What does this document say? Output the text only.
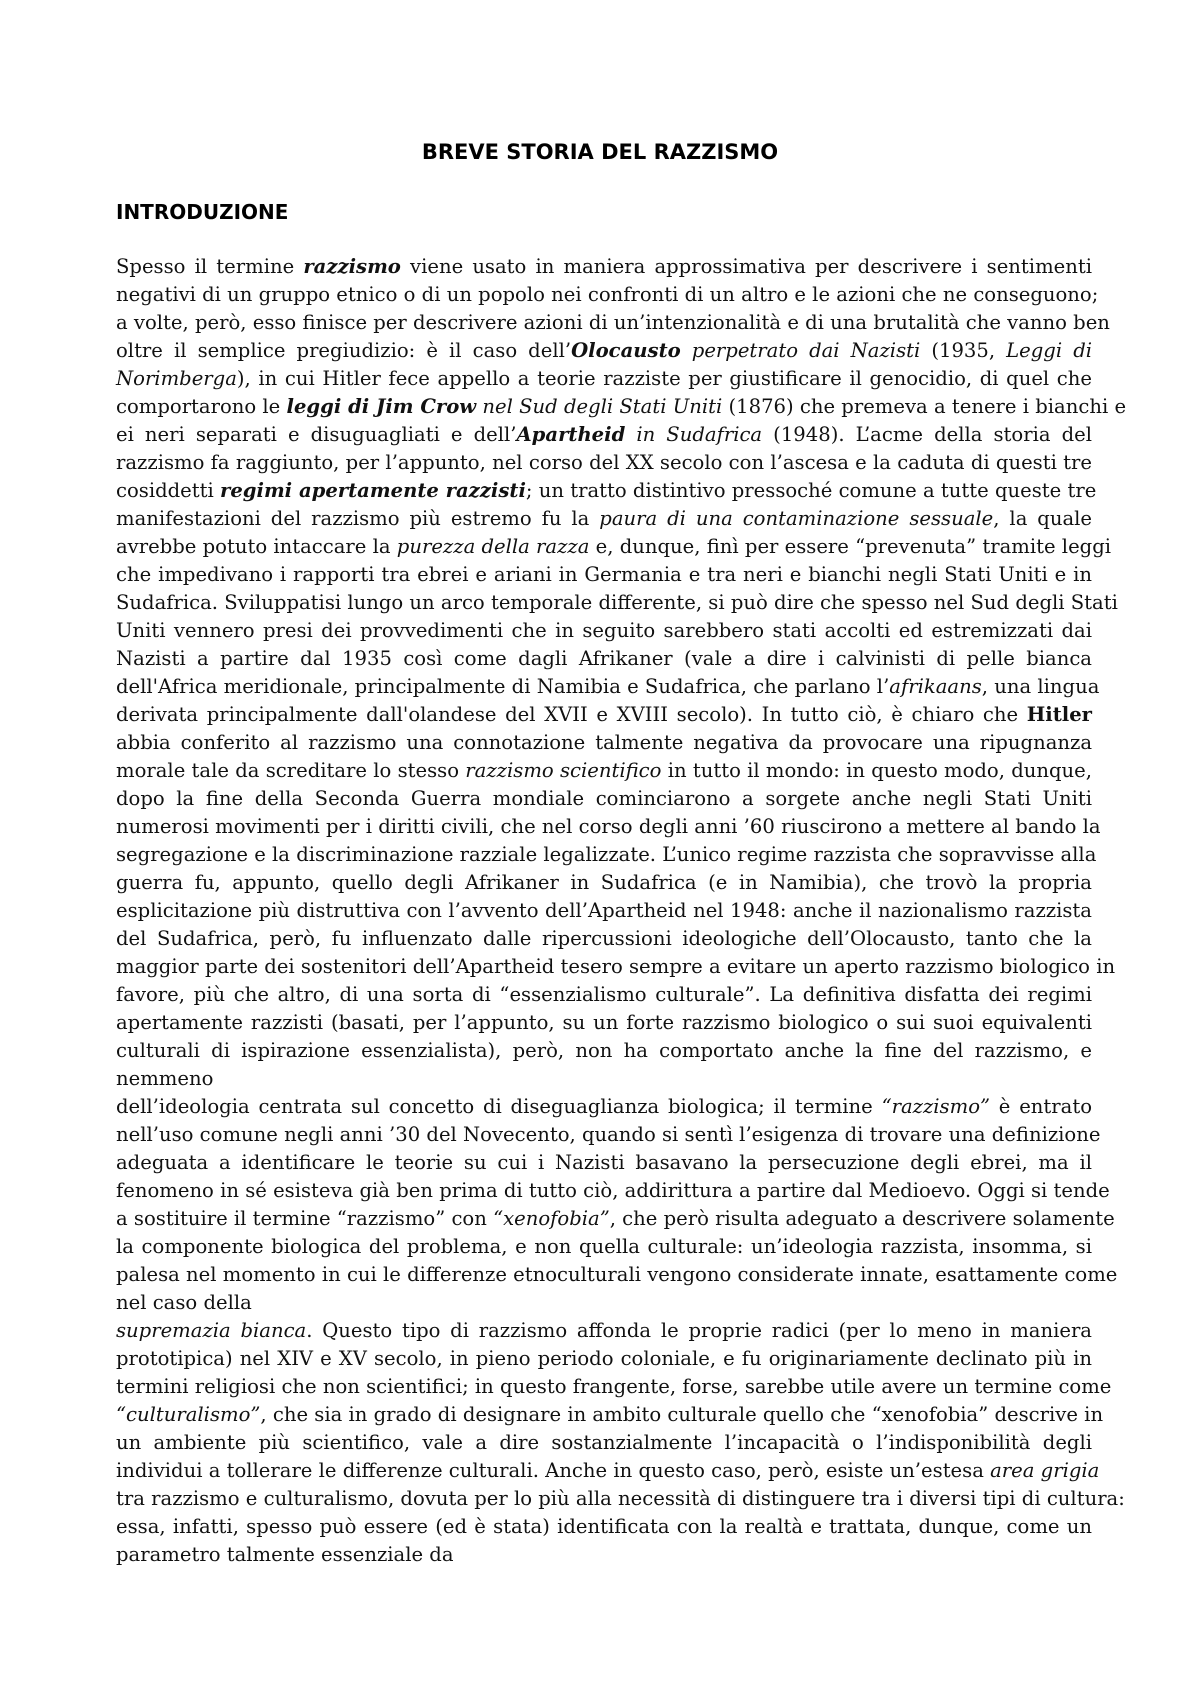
BREVE STORIA DEL RAZZISMO
INTRODUZIONE
Spesso il termine razzismo viene usato in maniera approssimativa per descrivere i sentimenti
negativi di un gruppo etnico o di un popolo nei confronti di un altro e le azioni che ne conseguono;
a volte, però, esso finisce per descrivere azioni di un’intenzionalità e di una brutalità che vanno ben
oltre il semplice pregiudizio: è il caso dell’Olocausto perpetrato dai Nazisti (1935, Leggi di
Norimberga), in cui Hitler fece appello a teorie razziste per giustificare il genocidio, di quel che
comportarono le leggi di Jim Crow nel Sud degli Stati Uniti (1876) che premeva a tenere i bianchi e
ei neri separati e disuguagliati e dell’Apartheid in Sudafrica (1948). L’acme della storia del
razzismo fa raggiunto, per l’appunto, nel corso del XX secolo con l’ascesa e la caduta di questi tre
cosiddetti regimi apertamente razzisti; un tratto distintivo pressoché comune a tutte queste tre
manifestazioni del razzismo più estremo fu la paura di una contaminazione sessuale, la quale
avrebbe potuto intaccare la purezza della razza e, dunque, finì per essere “prevenuta” tramite leggi
che impedivano i rapporti tra ebrei e ariani in Germania e tra neri e bianchi negli Stati Uniti e in
Sudafrica. Sviluppatisi lungo un arco temporale differente, si può dire che spesso nel Sud degli Stati
Uniti vennero presi dei provvedimenti che in seguito sarebbero stati accolti ed estremizzati dai
Nazisti a partire dal 1935 così come dagli Afrikaner (vale a dire i calvinisti di pelle bianca
dell'Africa meridionale, principalmente di Namibia e Sudafrica, che parlano l’afrikaans, una lingua
derivata principalmente dall'olandese del XVII e XVIII secolo). In tutto ciò, è chiaro che Hitler
abbia conferito al razzismo una connotazione talmente negativa da provocare una ripugnanza
morale tale da screditare lo stesso razzismo scientifico in tutto il mondo: in questo modo, dunque,
dopo la fine della Seconda Guerra mondiale cominciarono a sorgete anche negli Stati Uniti
numerosi movimenti per i diritti civili, che nel corso degli anni ’60 riuscirono a mettere al bando la
segregazione e la discriminazione razziale legalizzate. L’unico regime razzista che sopravvisse alla
guerra fu, appunto, quello degli Afrikaner in Sudafrica (e in Namibia), che trovò la propria
esplicitazione più distruttiva con l’avvento dell’Apartheid nel 1948: anche il nazionalismo razzista
del Sudafrica, però, fu influenzato dalle ripercussioni ideologiche dell’Olocausto, tanto che la
maggior parte dei sostenitori dell’Apartheid tesero sempre a evitare un aperto razzismo biologico in
favore, più che altro, di una sorta di “essenzialismo culturale”. La definitiva disfatta dei regimi
apertamente razzisti (basati, per l’appunto, su un forte razzismo biologico o sui suoi equivalenti
culturali di ispirazione essenzialista), però, non ha comportato anche la fine del razzismo, e
nemmeno
dell’ideologia centrata sul concetto di diseguaglianza biologica; il termine “razzismo” è entrato
nell’uso comune negli anni ’30 del Novecento, quando si sentì l’esigenza di trovare una definizione
adeguata a identificare le teorie su cui i Nazisti basavano la persecuzione degli ebrei, ma il
fenomeno in sé esisteva già ben prima di tutto ciò, addirittura a partire dal Medioevo. Oggi si tende
a sostituire il termine “razzismo” con “xenofobia”, che però risulta adeguato a descrivere solamente
la componente biologica del problema, e non quella culturale: un’ideologia razzista, insomma, si
palesa nel momento in cui le differenze etnoculturali vengono considerate innate, esattamente come
nel caso della
supremazia bianca. Questo tipo di razzismo affonda le proprie radici (per lo meno in maniera
prototipica) nel XIV e XV secolo, in pieno periodo coloniale, e fu originariamente declinato più in
termini religiosi che non scientifici; in questo frangente, forse, sarebbe utile avere un termine come
“culturalismo”, che sia in grado di designare in ambito culturale quello che “xenofobia” descrive in
un ambiente più scientifico, vale a dire sostanzialmente l’incapacità o l’indisponibilità degli
individui a tollerare le differenze culturali. Anche in questo caso, però, esiste un’estesa area grigia
tra razzismo e culturalismo, dovuta per lo più alla necessità di distinguere tra i diversi tipi di cultura:
essa, infatti, spesso può essere (ed è stata) identificata con la realtà e trattata, dunque, come un
parametro talmente essenziale da
